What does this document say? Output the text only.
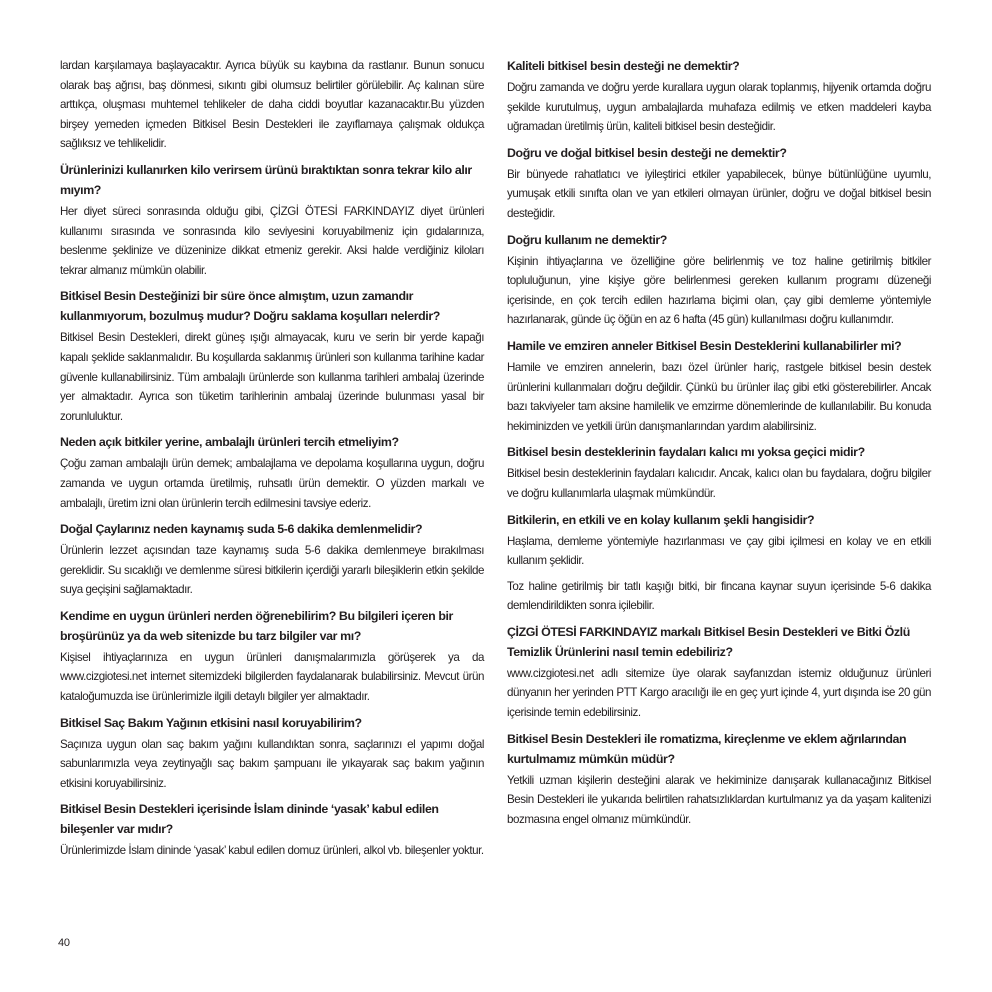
lardan karşılamaya başlayacaktır. Ayrıca büyük su kaybına da rastlanır. Bunun sonucu olarak baş ağrısı, baş dönmesi, sıkıntı gibi olumsuz belirtiler görülebilir. Aç kalınan süre arttıkça, oluşması muhtemel tehlikeler de daha ciddi boyutlar kazanacaktır.Bu yüzden birşey yemeden içmeden Bitkisel Besin Destekleri ile zayıflamaya çalışmak oldukça sağlıksız ve tehlikelidir.

Ürünlerinizi kullanırken kilo verirsem ürünü bıraktıktan sonra tekrar kilo alır mıyım?

Her diyet süreci sonrasında olduğu gibi, ÇİZGİ ÖTESİ FARKINDAYIZ diyet ürünleri kullanımı sırasında ve sonrasında kilo seviyesini koruyabilmeniz için gıdalarınıza, beslenme şeklinize ve düzeninize dikkat etmeniz gerekir. Aksi halde verdiğiniz kiloları tekrar almanız mümkün olabilir.

Bitkisel Besin Desteğinizi bir süre önce almıştım, uzun zamandır kullanmıyorum, bozulmuş mudur? Doğru saklama koşulları nelerdir?

Bitkisel Besin Destekleri, direkt güneş ışığı almayacak, kuru ve serin bir yerde kapağı kapalı şeklide saklanmalıdır. Bu koşullarda saklanmış ürünleri son kullanma tarihine kadar güvenle kullanabilirsiniz. Tüm ambalajlı ürünlerde son kullanma tarihleri ambalaj üzerinde yer almaktadır. Ayrıca son tüketim tarihlerinin ambalaj üzerinde bulunması yasal bir zorunluluktur.

Neden açık bitkiler yerine, ambalajlı ürünleri tercih etmeliyim?

Çoğu zaman ambalajlı ürün demek; ambalajlama ve depolama koşullarına uygun, doğru zamanda ve uygun ortamda üretilmiş, ruhsatlı ürün demektir. O yüzden markalı ve ambalajlı, üretim izni olan ürünlerin tercih edilmesini tavsiye ederiz.

Doğal Çaylarınız neden kaynamış suda 5-6 dakika demlenmelidir?

Ürünlerin lezzet açısından taze kaynamış suda 5-6 dakika demlenmeye bırakılması gereklidir. Su sıcaklığı ve demlenme süresi bitkilerin içerdiği yararlı bileşiklerin etkin şekilde suya geçişini sağlamaktadır.

Kendime en uygun ürünleri nerden öğrenebilirim? Bu bilgileri içeren bir broşürünüz ya da web sitenizde bu tarz bilgiler var mı?

Kişisel ihtiyaçlarınıza en uygun ürünleri danışmalarımızla görüşerek ya da www.cizgiotesi.net internet sitemizdeki bilgilerden faydalanarak bulabilirsiniz. Mevcut ürün kataloğumuzda ise ürünlerimizle ilgili detaylı bilgiler yer almaktadır.

Bitkisel Saç Bakım Yağının etkisini nasıl koruyabilirim?

Saçınıza uygun olan saç bakım yağını kullandıktan sonra, saçlarınızı el yapımı doğal sabunlarımızla veya zeytinyağlı saç bakım şampuanı ile yıkayarak saç bakım yağının etkisini koruyabilirsiniz.

Bitkisel Besin Destekleri içerisinde İslam dininde ‘yasak’ kabul edilen bileşenler var mıdır?

Ürünlerimizde İslam dininde ‘yasak’ kabul edilen domuz ürünleri, alkol vb. bileşenler yoktur.

Kaliteli bitkisel besin desteği ne demektir?

Doğru zamanda ve doğru yerde kurallara uygun olarak toplanmış, hijyenik ortamda doğru şekilde kurutulmuş, uygun ambalajlarda muhafaza edilmiş ve etken maddeleri kayba uğramadan üretilmiş ürün, kaliteli bitkisel besin desteğidir.

Doğru ve doğal bitkisel besin desteği ne demektir?

Bir bünyede rahatlatıcı ve iyileştirici etkiler yapabilecek, bünye bütünlüğüne uyumlu, yumuşak etkili sınıfta olan ve yan etkileri olmayan ürünler, doğru ve doğal bitkisel besin desteğidir.

Doğru kullanım ne demektir?

Kişinin ihtiyaçlarına ve özelliğine göre belirlenmiş ve toz haline getirilmiş bitkiler topluluğunun, yine kişiye göre belirlenmesi gereken kullanım programı düzeneği içerisinde, en çok tercih edilen hazırlama biçimi olan, çay gibi demleme yöntemiyle hazırlanarak, günde üç öğün en az 6 hafta (45 gün) kullanılması doğru kullanımdır.

Hamile ve emziren anneler Bitkisel Besin Desteklerini kullanabilirler mi?

Hamile ve emziren annelerin, bazı özel ürünler hariç, rastgele bitkisel besin destek ürünlerini kullanmaları doğru değildir. Çünkü bu ürünler ilaç gibi etki gösterebilirler. Ancak bazı takviyeler tam aksine hamilelik ve emzirme dönemlerinde de kullanılabilir. Bu konuda hekiminizden ve yetkili ürün danışmanlarından yardım alabilirsiniz.

Bitkisel besin desteklerinin faydaları kalıcı mı yoksa geçici midir?

Bitkisel besin desteklerinin faydaları kalıcıdır. Ancak, kalıcı olan bu faydalara, doğru bilgiler ve doğru kullanımlarla ulaşmak mümkündür.

Bitkilerin, en etkili ve en kolay kullanım şekli hangisidir?

Haşlama, demleme yöntemiyle hazırlanması ve çay gibi içilmesi en kolay ve en etkili kullanım şeklidir.

Toz haline getirilmiş bir tatlı kaşığı bitki, bir fincana kaynar suyun içerisinde 5-6 dakika demlendirildikten sonra içilebilir.

ÇİZGİ ÖTESİ FARKINDAYIZ markalı Bitkisel Besin Destekleri ve Bitki Özlü Temizlik Ürünlerini nasıl temin edebiliriz?

www.cizgiotesi.net adlı sitemize üye olarak sayfanızdan istemiz olduğunuz ürünleri dünyanın her yerinden PTT Kargo aracılığı ile en geç yurt içinde 4, yurt dışında ise 20 gün içerisinde temin edebilirsiniz.

Bitkisel Besin Destekleri ile romatizma, kireçlenme ve eklem ağrılarından kurtulmamız mümkün müdür?

Yetkili uzman kişilerin desteğini alarak ve hekiminize danışarak kullanacağınız Bitkisel Besin Destekleri ile yukarıda belirtilen rahatsızlıklardan kurtulmanız ya da yaşam kalitenizi bozmasına engel olmanız mümkündür.

40
